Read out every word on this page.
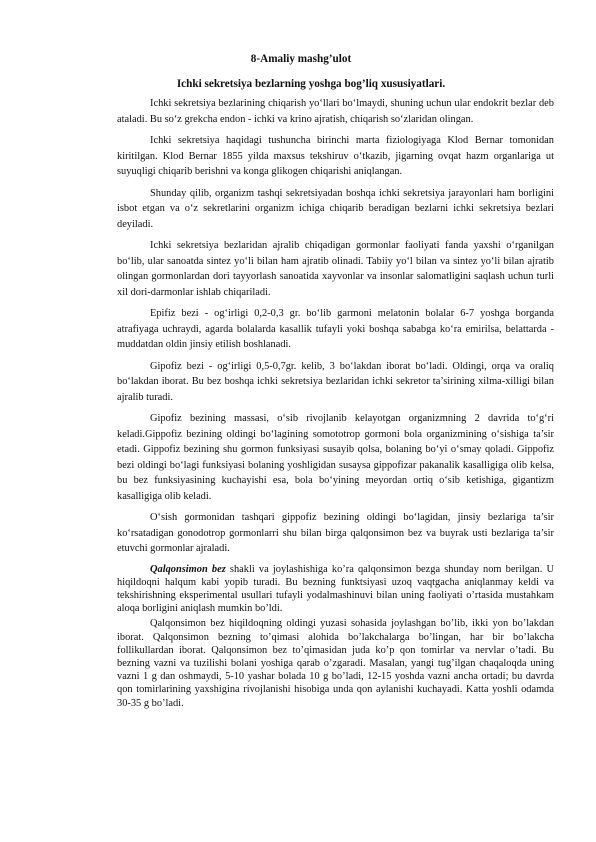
8-Amaliy mashg’ulot
Ichki sekretsiya bezlarning yoshga bog’liq xususiyatlari.

Ichki sekretsiya bezlarining chiqarish yo‘llari bo‘lmaydi, shuning uchun ular endokrit bezlar deb ataladi. Bu so‘z grekcha endon - ichki va krino ajratish, chiqarish so‘zlaridan olingan.

Ichki sekretsiya haqidagi tushuncha birinchi marta fiziologiyaga Klod Bernar tomonidan kiritilgan. Klod Bernar 1855 yilda maxsus tekshiruv o‘tkazib, jigarning ovqat hazm organlariga ut suyuqligi chiqarib berishni va konga glikogen chiqarishi aniqlangan.

Shunday qilib, organizm tashqi sekretsiyadan boshqa ichki sekretsiya jarayonlari ham borligini isbot etgan va o‘z sekretlarini organizm ichiga chiqarib beradigan bezlarni ichki sekretsiya bezlari deyiladi.

Ichki sekretsiya bezlaridan ajralib chiqadigan gormonlar faoliyati fanda yaxshi o‘rganilgan bo‘lib, ular sanoatda sintez yo‘li bilan ham ajratib olinadi. Tabiiy yo‘l bilan va sintez yo‘li bilan ajratib olingan gormonlardan dori tayyorlash sanoatida xayvonlar va insonlar salomatligini saqlash uchun turli xil dori-darmonlar ishlab chiqariladi.

Epifiz bezi - og‘irligi 0,2-0,3 gr. bo‘lib garmoni melatonin bolalar 6-7 yoshga borganda atrafiyaga uchraydi, agarda bolalarda kasallik tufayli yoki boshqa sababga ko‘ra emirilsa, belattarda - muddatdan oldin jinsiy etilish boshlanadi.

Gipofiz bezi - og‘irligi 0,5-0,7gr. kelib, 3 bo‘lakdan iborat bo‘ladi. Oldingi, orqa va oraliq bo‘lakdan iborat. Bu bez boshqa ichki sekretsiya bezlaridan ichki sekretor ta’sirining xilma-xilligi bilan ajralib turadi.

Gipofiz bezining massasi, o‘sib rivojlanib kelayotgan organizmning 2 davrida to‘g‘ri keladi.Gippofiz bezining oldingi bo‘lagining somototrop gormoni bola organizmining o‘sishiga ta’sir etadi. Gippofiz bezining shu gormon funksiyasi susayib qolsa, bolaning bo‘yi o‘smay qoladi. Gippofiz bezi oldingi bo‘lagi funksiyasi bolaning yoshligidan susaysa gippofizar pakanalik kasalligiga olib kelsa, bu bez funksiyasining kuchayishi esa, bola bo‘yining meyordan ortiq o‘sib ketishiga, gigantizm kasalligiga olib keladi.

O‘sish gormonidan tashqari gippofiz bezining oldingi bo‘lagidan, jinsiy bezlariga ta’sir ko‘rsatadigan gonodotrop gormonlarri shu bilan birga qalqonsimon bez va buyrak usti bezlariga ta’sir etuvchi gormonlar ajraladi.

Qalqonsimon bez shakli va joylashishiga ko’ra qalqonsimon bezga shunday nom berilgan. U hiqildoqni halqum kabi yopib turadi. Bu bezning funktsiyasi uzoq vaqtgacha aniqlanmay keldi va tekshirishning eksperimental usullari tufayli yodalmashinuvi bilan uning faoliyati o’rtasida mustahkam aloqa borligini aniqlash mumkin bo’ldi.

Qalqonsimon bez hiqildoqning oldingi yuzasi sohasida joylashgan bo’lib, ikki yon bo’lakdan iborat. Qalqonsimon bezning to’qimasi alohida bo’lakchalarga bo’lingan, har bir bo’lakcha follikullardan iborat. Qalqonsimon bez to’qimasidan juda ko’p qon tomirlar va nervlar o’tadi. Bu bezning vazni va tuzilishi bolani yoshiga qarab o’zgaradi. Masalan, yangi tug’ilgan chaqaloqda uning vazni 1 g dan oshmaydi, 5-10 yashar bolada 10 g bo’ladi, 12-15 yoshda vazni ancha ortadi; bu davrda qon tomirlarining yaxshigina rivojlanishi hisobiga unda qon aylanishi kuchayadi. Katta yoshli odamda 30-35 g bo’ladi.
